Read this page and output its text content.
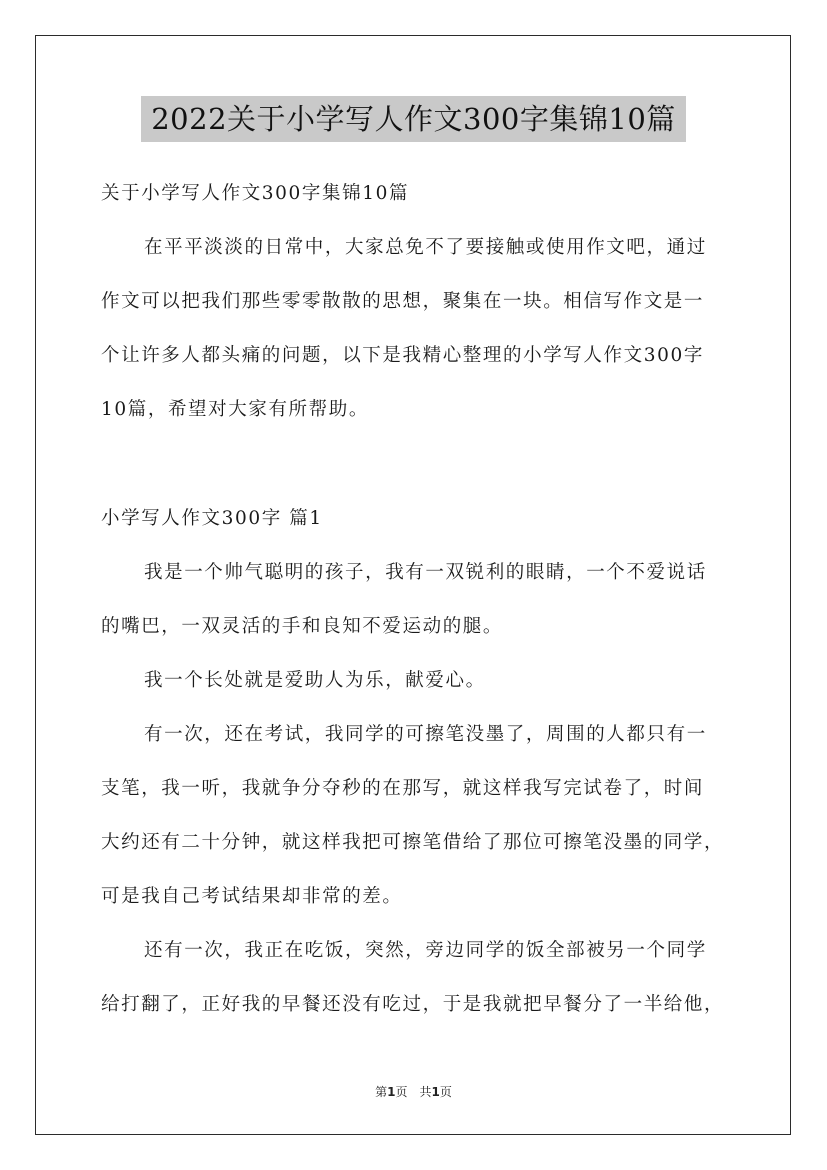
2022关于小学写人作文300字集锦10篇
关于小学写人作文300字集锦10篇
在平平淡淡的日常中，大家总免不了要接触或使用作文吧，通过
作文可以把我们那些零零散散的思想，聚集在一块。相信写作文是一
个让许多人都头痛的问题，以下是我精心整理的小学写人作文300字
10篇，希望对大家有所帮助。
小学写人作文300字 篇1
我是一个帅气聪明的孩子，我有一双锐利的眼睛，一个不爱说话
的嘴巴，一双灵活的手和良知不爱运动的腿。
我一个长处就是爱助人为乐，献爱心。
有一次，还在考试，我同学的可擦笔没墨了，周围的人都只有一
支笔，我一听，我就争分夺秒的在那写，就这样我写完试卷了，时间
大约还有二十分钟，就这样我把可擦笔借给了那位可擦笔没墨的同学，
可是我自己考试结果却非常的差。
还有一次，我正在吃饭，突然，旁边同学的饭全部被另一个同学
给打翻了，正好我的早餐还没有吃过，于是我就把早餐分了一半给他，
第1页　共1页
